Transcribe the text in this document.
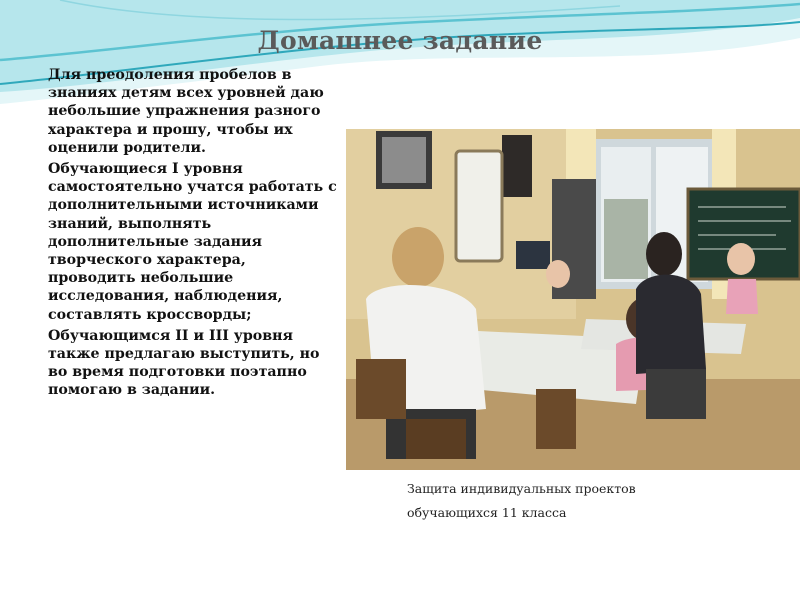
Домашнее задание

Для преодоления пробелов в знаниях детям всех уровней даю небольшие упражнения разного характера и прошу, чтобы их оценили родители.

Обучающиеся I уровня самостоятельно учатся работать с дополнительными источниками знаний, выполнять дополнительные задания творческого характера, проводить небольшие исследования, наблюдения, составлять кроссворды;

Обучающимся II и III уровня также предлагаю выступить, но во время подготовки поэтапно помогаю в задании.

Защита индивидуальных проектов
обучающихся 11 класса
